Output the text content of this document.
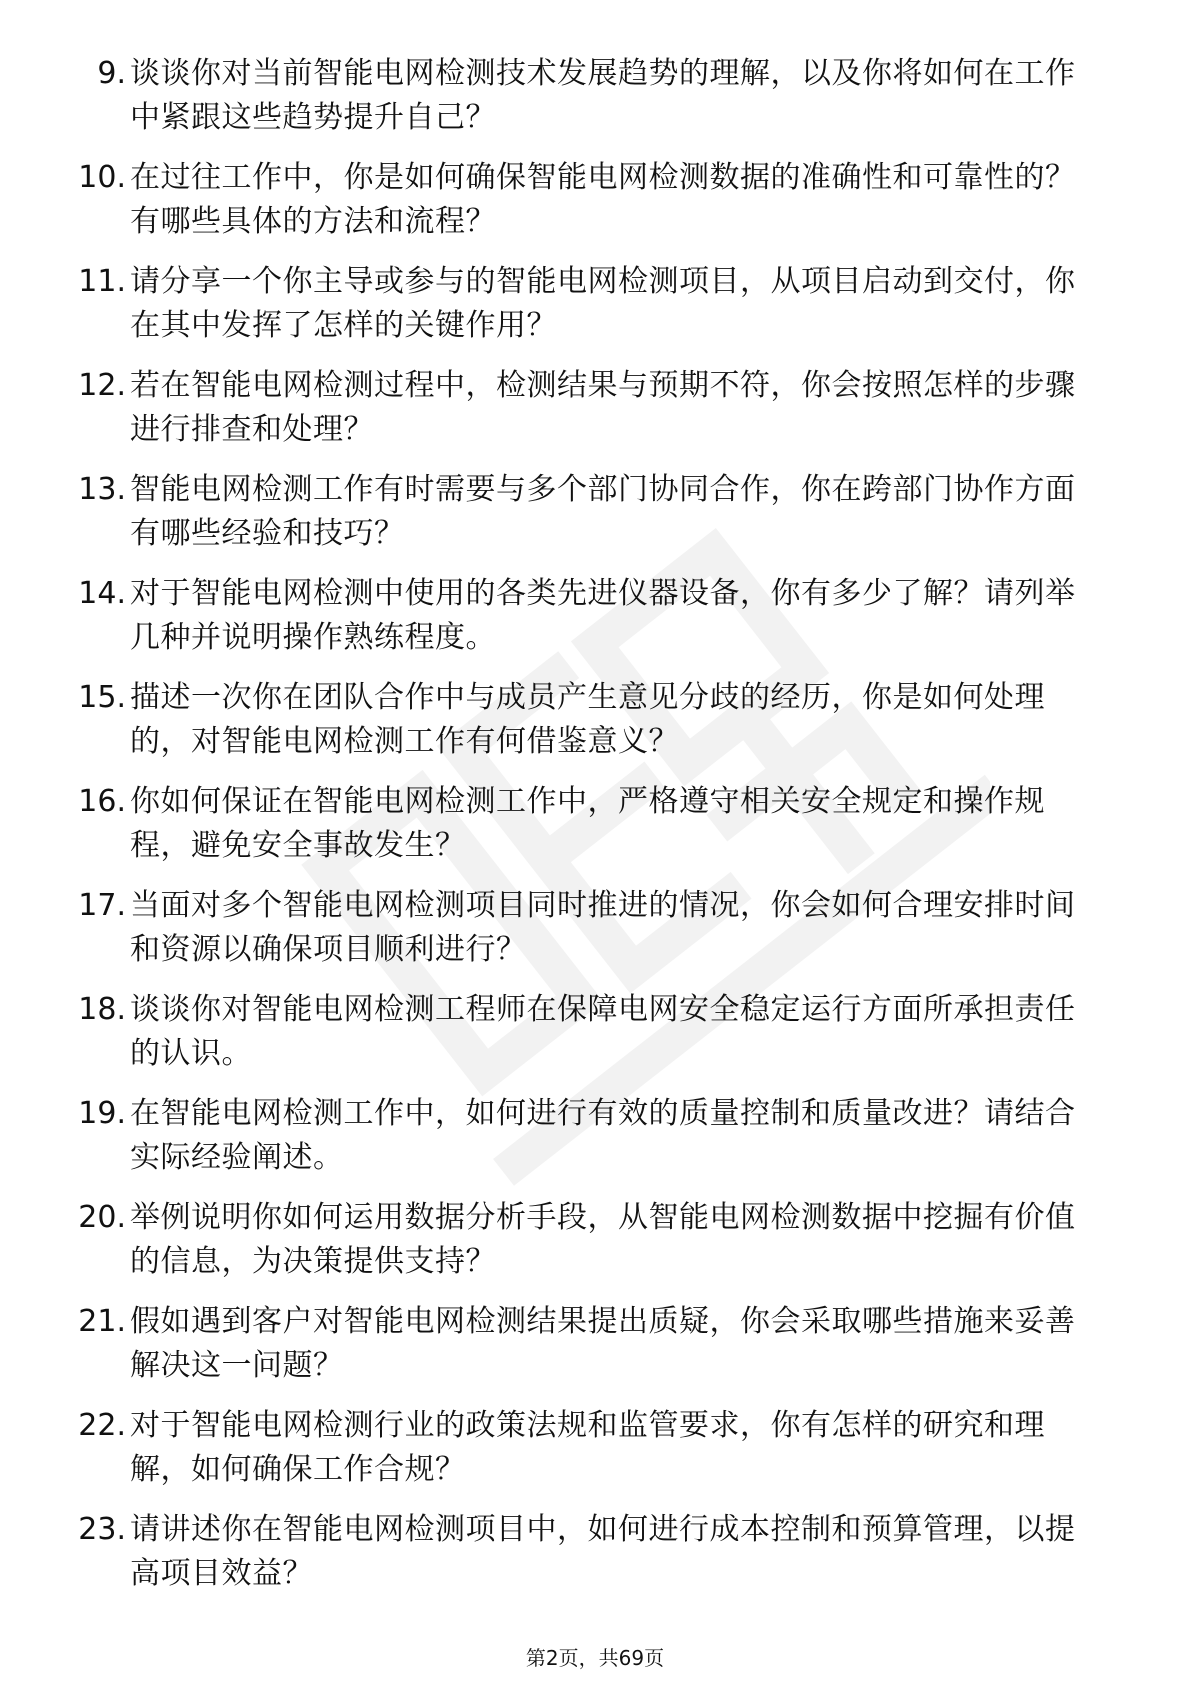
9. 谈谈你对当前智能电网检测技术发展趋势的理解，以及你将如何在工作中紧跟这些趋势提升自己？
10. 在过往工作中，你是如何确保智能电网检测数据的准确性和可靠性的？有哪些具体的方法和流程？
11. 请分享一个你主导或参与的智能电网检测项目，从项目启动到交付，你在其中发挥了怎样的关键作用？
12. 若在智能电网检测过程中，检测结果与预期不符，你会按照怎样的步骤进行排查和处理？
13. 智能电网检测工作有时需要与多个部门协同合作，你在跨部门协作方面有哪些经验和技巧？
14. 对于智能电网检测中使用的各类先进仪器设备，你有多少了解？请列举几种并说明操作熟练程度。
15. 描述一次你在团队合作中与成员产生意见分歧的经历，你是如何处理的，对智能电网检测工作有何借鉴意义？
16. 你如何保证在智能电网检测工作中，严格遵守相关安全规定和操作规程，避免安全事故发生？
17. 当面对多个智能电网检测项目同时推进的情况，你会如何合理安排时间和资源以确保项目顺利进行？
18. 谈谈你对智能电网检测工程师在保障电网安全稳定运行方面所承担责任的认识。
19. 在智能电网检测工作中，如何进行有效的质量控制和质量改进？请结合实际经验阐述。
20. 举例说明你如何运用数据分析手段，从智能电网检测数据中挖掘有价值的信息，为决策提供支持？
21. 假如遇到客户对智能电网检测结果提出质疑，你会采取哪些措施来妥善解决这一问题？
22. 对于智能电网检测行业的政策法规和监管要求，你有怎样的研究和理解，如何确保工作合规？
23. 请讲述你在智能电网检测项目中，如何进行成本控制和预算管理，以提高项目效益？
第2页，共69页
